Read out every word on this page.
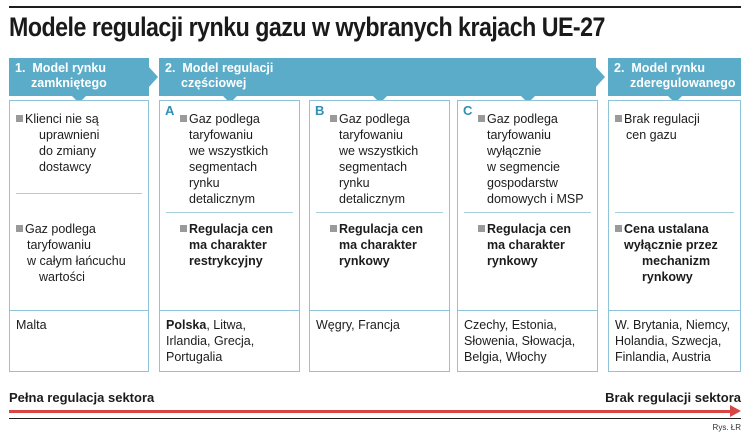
Modele regulacji rynku gazu w wybranych krajach UE-27
1. Model rynku
zamkniętego
Klienci nie są
uprawnieni
do zmiany
dostawcy
Gaz podlega
taryfowaniu
w całym łańcuchu
wartości
Malta
2. Model regulacji
częściowej
A
Gaz podlega
taryfowaniu
we wszystkich
segmentach
rynku
detalicznym
Regulacja cen
ma charakter
restrykcyjny
Polska, Litwa,
Irlandia, Grecja,
Portugalia
B
Gaz podlega
taryfowaniu
we wszystkich
segmentach
rynku
detalicznym
Regulacja cen
ma charakter
rynkowy
Węgry, Francja
C
Gaz podlega
taryfowaniu
wyłącznie
w segmencie
gospodarstw
domowych i MSP
Regulacja cen
ma charakter
rynkowy
Czechy, Estonia,
Słowenia, Słowacja,
Belgia, Włochy
2. Model rynku
zderegulowanego
Brak regulacji
cen gazu
Cena ustalana
wyłącznie przez
mechanizm
rynkowy
W. Brytania, Niemcy,
Holandia, Szwecja,
Finlandia, Austria
Pełna regulacja sektora	Brak regulacji sektora
Rys. ŁR
